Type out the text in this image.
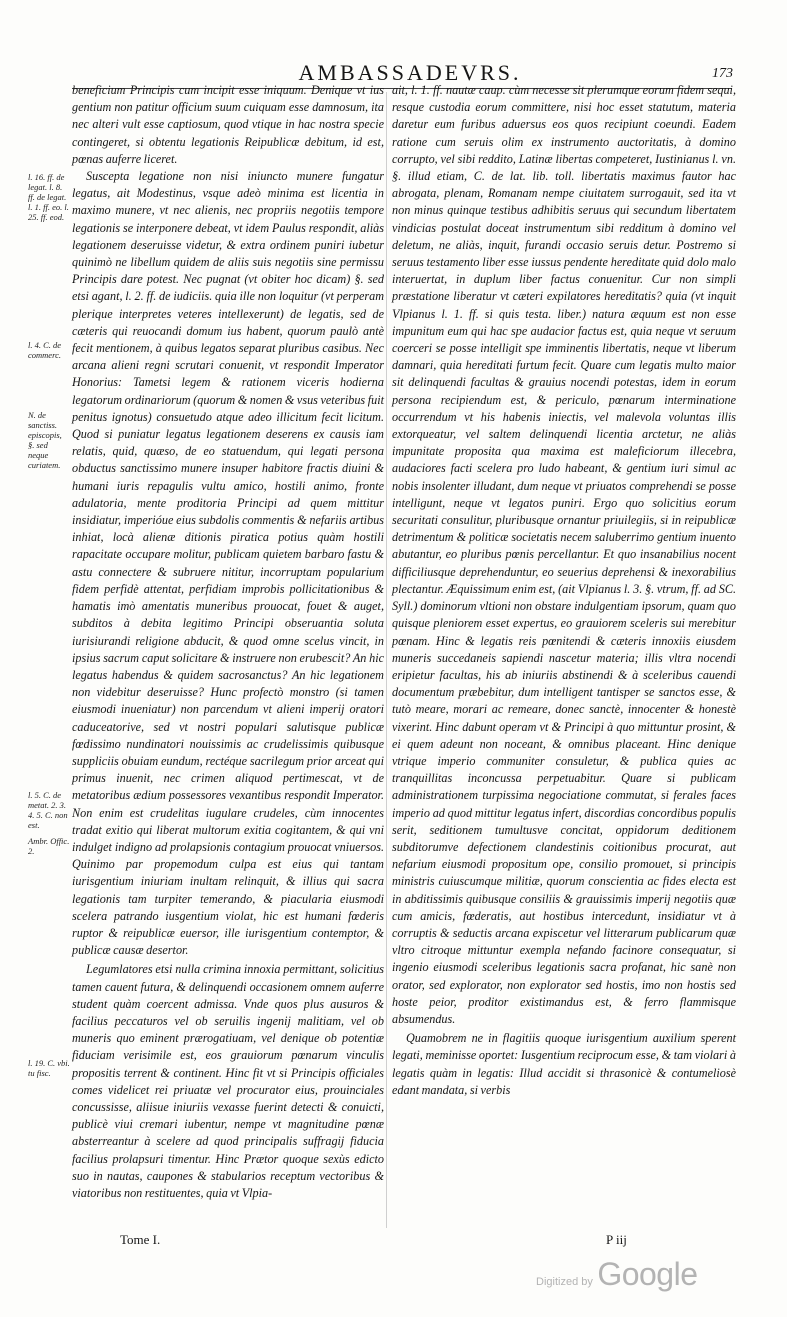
AMBASSADEVRS.	173

beneficium Principis cum incipit esse iniquum. Denique vt ius gentium non patitur officium suum cuiquam esse damnosum, ita nec alteri vult esse captiosum, quod vtique in hac nostra specie contingeret, si obtentu legationis Reipublicæ debitum, id est, pœnas auferre liceret.

Suscepta legatione non nisi iniuncto munere fungatur legatus, ait Modestinus, vsque adeò minima est licentia in maximo munere, vt nec alienis, nec propriis negotiis tempore legationis se interponere debeat, vt idem Paulus respondit, aliàs legationem deseruisse videtur, & extra ordinem puniri iubetur quinimò ne libellum quidem de aliis suis negotiis sine permissu Principis dare potest. Nec pugnat (vt obiter hoc dicam) §. sed etsi agant, l. 2. ff. de iudiciis. quia ille non loquitur (vt perperam plerique interpretes veteres intellexerunt) de legatis, sed de cæteris qui reuocandi domum ius habent, quorum paulò antè fecit mentionem, à quibus legatos separat pluribus casibus. Nec arcana alieni regni scrutari conuenit, vt respondit Imperator Honorius: Tametsi legem & rationem viceris hodierna legatorum ordinariorum (quorum & nomen & vsus veteribus fuit penitus ignotus) consuetudo atque adeo illicitum fecit licitum. Quod si puniatur legatus legationem deserens ex causis iam relatis, quid, quæso, de eo statuendum, qui legati persona obductus sanctissimo munere insuper habitore fractis diuini & humani iuris repagulis vultu amico, hostili animo, fronte adulatoria, mente proditoria Principi ad quem mittitur insidiatur, imperióue eius subdolis commentis & nefariis artibus inhiat, locà alienæ ditionis piratica potius quàm hostili rapacitate occupare molitur, publicam quietem barbaro fastu & astu connectere & subruere nititur, incorruptam popularium fidem perfidè attentat, perfidiam improbis pollicitationibus & hamatis imò amentatis muneribus prouocat, fouet & auget, subditos à debita legitimo Principi obseruantia soluta iurisiurandi religione abducit, & quod omne scelus vincit, in ipsius sacrum caput solicitare & instruere non erubescit? An hic legatus habendus & quidem sacrosanctus? An hic legationem non videbitur deseruisse? Hunc profectò monstro (si tamen eiusmodi inueniatur) non parcendum vt alieni imperij oratori caduceatorive, sed vt nostri populari salutisque publicæ fœdissimo nundinatori nouissimis ac crudelissimis quibusque suppliciis obuiam eundum, rectéque sacrilegum prior arceat qui primus inuenit, nec crimen aliquod pertimescat, vt de metatoribus ædium possessores vexantibus respondit Imperator. Non enim est crudelitas iugulare crudeles, cùm innocentes tradat exitio qui liberat multorum exitia cogitantem, & qui vni indulget indigno ad prolapsionis contagium prouocat vniuersos. Quinimo par propemodum culpa est eius qui tantam iurisgentium iniuriam inultam relinquit, & illius qui sacra legationis tam turpiter temerando, & piacularia eiusmodi scelera patrando iusgentium violat, hic est humani fœderis ruptor & reipublicæ euersor, ille iurisgentium contemptor, & publicæ causæ desertor.

Legumlatores etsi nulla crimina innoxia permittant, solicitius tamen cauent futura, & delinquendi occasionem omnem auferre student quàm coercent admissa. Vnde quos plus ausuros & facilius peccaturos vel ob seruilis ingenij malitiam, vel ob muneris quo eminent prærogatiuam, vel denique ob potentiæ fiduciam verisimile est, eos grauiorum pœnarum vinculis propositis terrent & continent. Hinc fit vt si Principis officiales comes videlicet rei priuatæ vel procurator eius, prouinciales concussisse, aliisue iniuriis vexasse fuerint detecti & conuicti, publicè viui cremari iubentur, nempe vt magnitudine pœnæ absterreantur à scelere ad quod principalis suffragij fiducia facilius prolapsuri timentur. Hinc Prætor quoque sexùs edicto suo in nautas, caupones & stabularios receptum vectoribus & viatoribus non restituentes, quia vt Vlpia-

ait, l. 1. ff. nautæ caup. cùm necesse sit plerumque eorum fidem sequi, resque custodia eorum committere, nisi hoc esset statutum, materia daretur eum furibus aduersus eos quos recipiunt coeundi. Eadem ratione cum seruis olim ex instrumento auctoritatis, à domino corrupto, vel sibi reddito, Latinæ libertas competeret, Iustinianus l. vn. §. illud etiam, C. de lat. lib. toll. libertatis maximus fautor hac abrogata, plenam, Romanam nempe ciuitatem surrogauit, sed ita vt non minus quinque testibus adhibitis seruus qui secundum libertatem vindicias postulat doceat instrumentum sibi redditum à domino vel deletum, ne aliàs, inquit, furandi occasio seruis detur. Postremo si seruus testamento liber esse iussus pendente hereditate quid dolo malo interuertat, in duplum liber factus conuenitur. Cur non simpli præstatione liberatur vt cæteri expilatores hereditatis? quia (vt inquit Vlpianus l. 1. ff. si quis testa. liber.) natura æquum est non esse impunitum eum qui hac spe audacior factus est, quia neque vt seruum coerceri se posse intelligit spe imminentis libertatis, neque vt liberum damnari, quia hereditati furtum fecit. Quare cum legatis multo maior sit delinquendi facultas & grauius nocendi potestas, idem in eorum persona recipiendum est, & periculo, pœnarum interminatione occurrendum vt his habenis iniectis, vel malevola voluntas illis extorqueatur, vel saltem delinquendi licentia arctetur, ne aliàs impunitate proposita qua maxima est maleficiorum illecebra, audaciores facti scelera pro ludo habeant, & gentium iuri simul ac nobis insolenter illudant, dum neque vt priuatos comprehendi se posse intelligunt, neque vt legatos puniri. Ergo quo solicitius eorum securitati consulitur, pluribusque ornantur priuilegiis, si in reipublicæ detrimentum & politicæ societatis necem saluberrimo gentium inuento abutantur, eo pluribus pœnis percellantur. Et quo insanabilius nocent difficiliusque deprehenduntur, eo seuerius deprehensi & inexorabilius plectantur. Æquissimum enim est, (ait Vlpianus l. 3. §. vtrum, ff. ad SC. Syll.) dominorum vltioni non obstare indulgentiam ipsorum, quam quo quisque pleniorem esset expertus, eo grauiorem sceleris sui merebitur pœnam. Hinc & legatis reis pœnitendi & cæteris innoxiis eiusdem muneris succedaneis sapiendi nascetur materia; illis vltra nocendi eripietur facultas, his ab iniuriis abstinendi & à sceleribus cauendi documentum præbebitur, dum intelligent tantisper se sanctos esse, & tutò meare, morari ac remeare, donec sanctè, innocenter & honestè vixerint. Hinc dabunt operam vt & Principi à quo mittuntur prosint, & ei quem adeunt non noceant, & omnibus placeant. Hinc denique vtrique imperio communiter consuletur, & publica quies ac tranquillitas inconcussa perpetuabitur. Quare si publicam administrationem turpissima negociatione commutat, si ferales faces imperio ad quod mittitur legatus infert, discordias concordibus populis serit, seditionem tumultusve concitat, oppidorum deditionem subditorumve defectionem clandestinis coitionibus procurat, aut nefarium eiusmodi propositum ope, consilio promouet, si principis ministris cuiuscumque militiæ, quorum conscientia ac fides electa est in abditissimis quibusque consiliis & grauissimis imperij negotiis quæ cum amicis, fœderatis, aut hostibus intercedunt, insidiatur vt à corruptis & seductis arcana expiscetur vel litterarum publicarum quæ vltro citroque mittuntur exempla nefando facinore consequatur, si ingenio eiusmodi sceleribus legationis sacra profanat, hic sanè non orator, sed explorator, non explorator sed hostis, imo non hostis sed hoste peior, proditor existimandus est, & ferro flammisque absumendus.

Quamobrem ne in flagitiis quoque iurisgentium auxilium sperent legati, meminisse oportet: Iusgentium reciprocum esse, & tam violari à legatis quàm in legatis: Illud accidit si thrasonicè & contumeliosè edant mandata, si verbis

l. 16. ff. de legat. l. 8. ff. de legat. l. 1. ff. eo. l. 25. ff. eod.
l. 4. C. de commerc.
N. de sanctiss. episcopis, §. sed neque curiatem.
l. 5. C. de metat. 2. 3. 4. 5. C. non est.
Ambr. Offic. 2.
l. 19. C. vbi. tu fisc.
Tome I.	P iij
Digitized by Google
